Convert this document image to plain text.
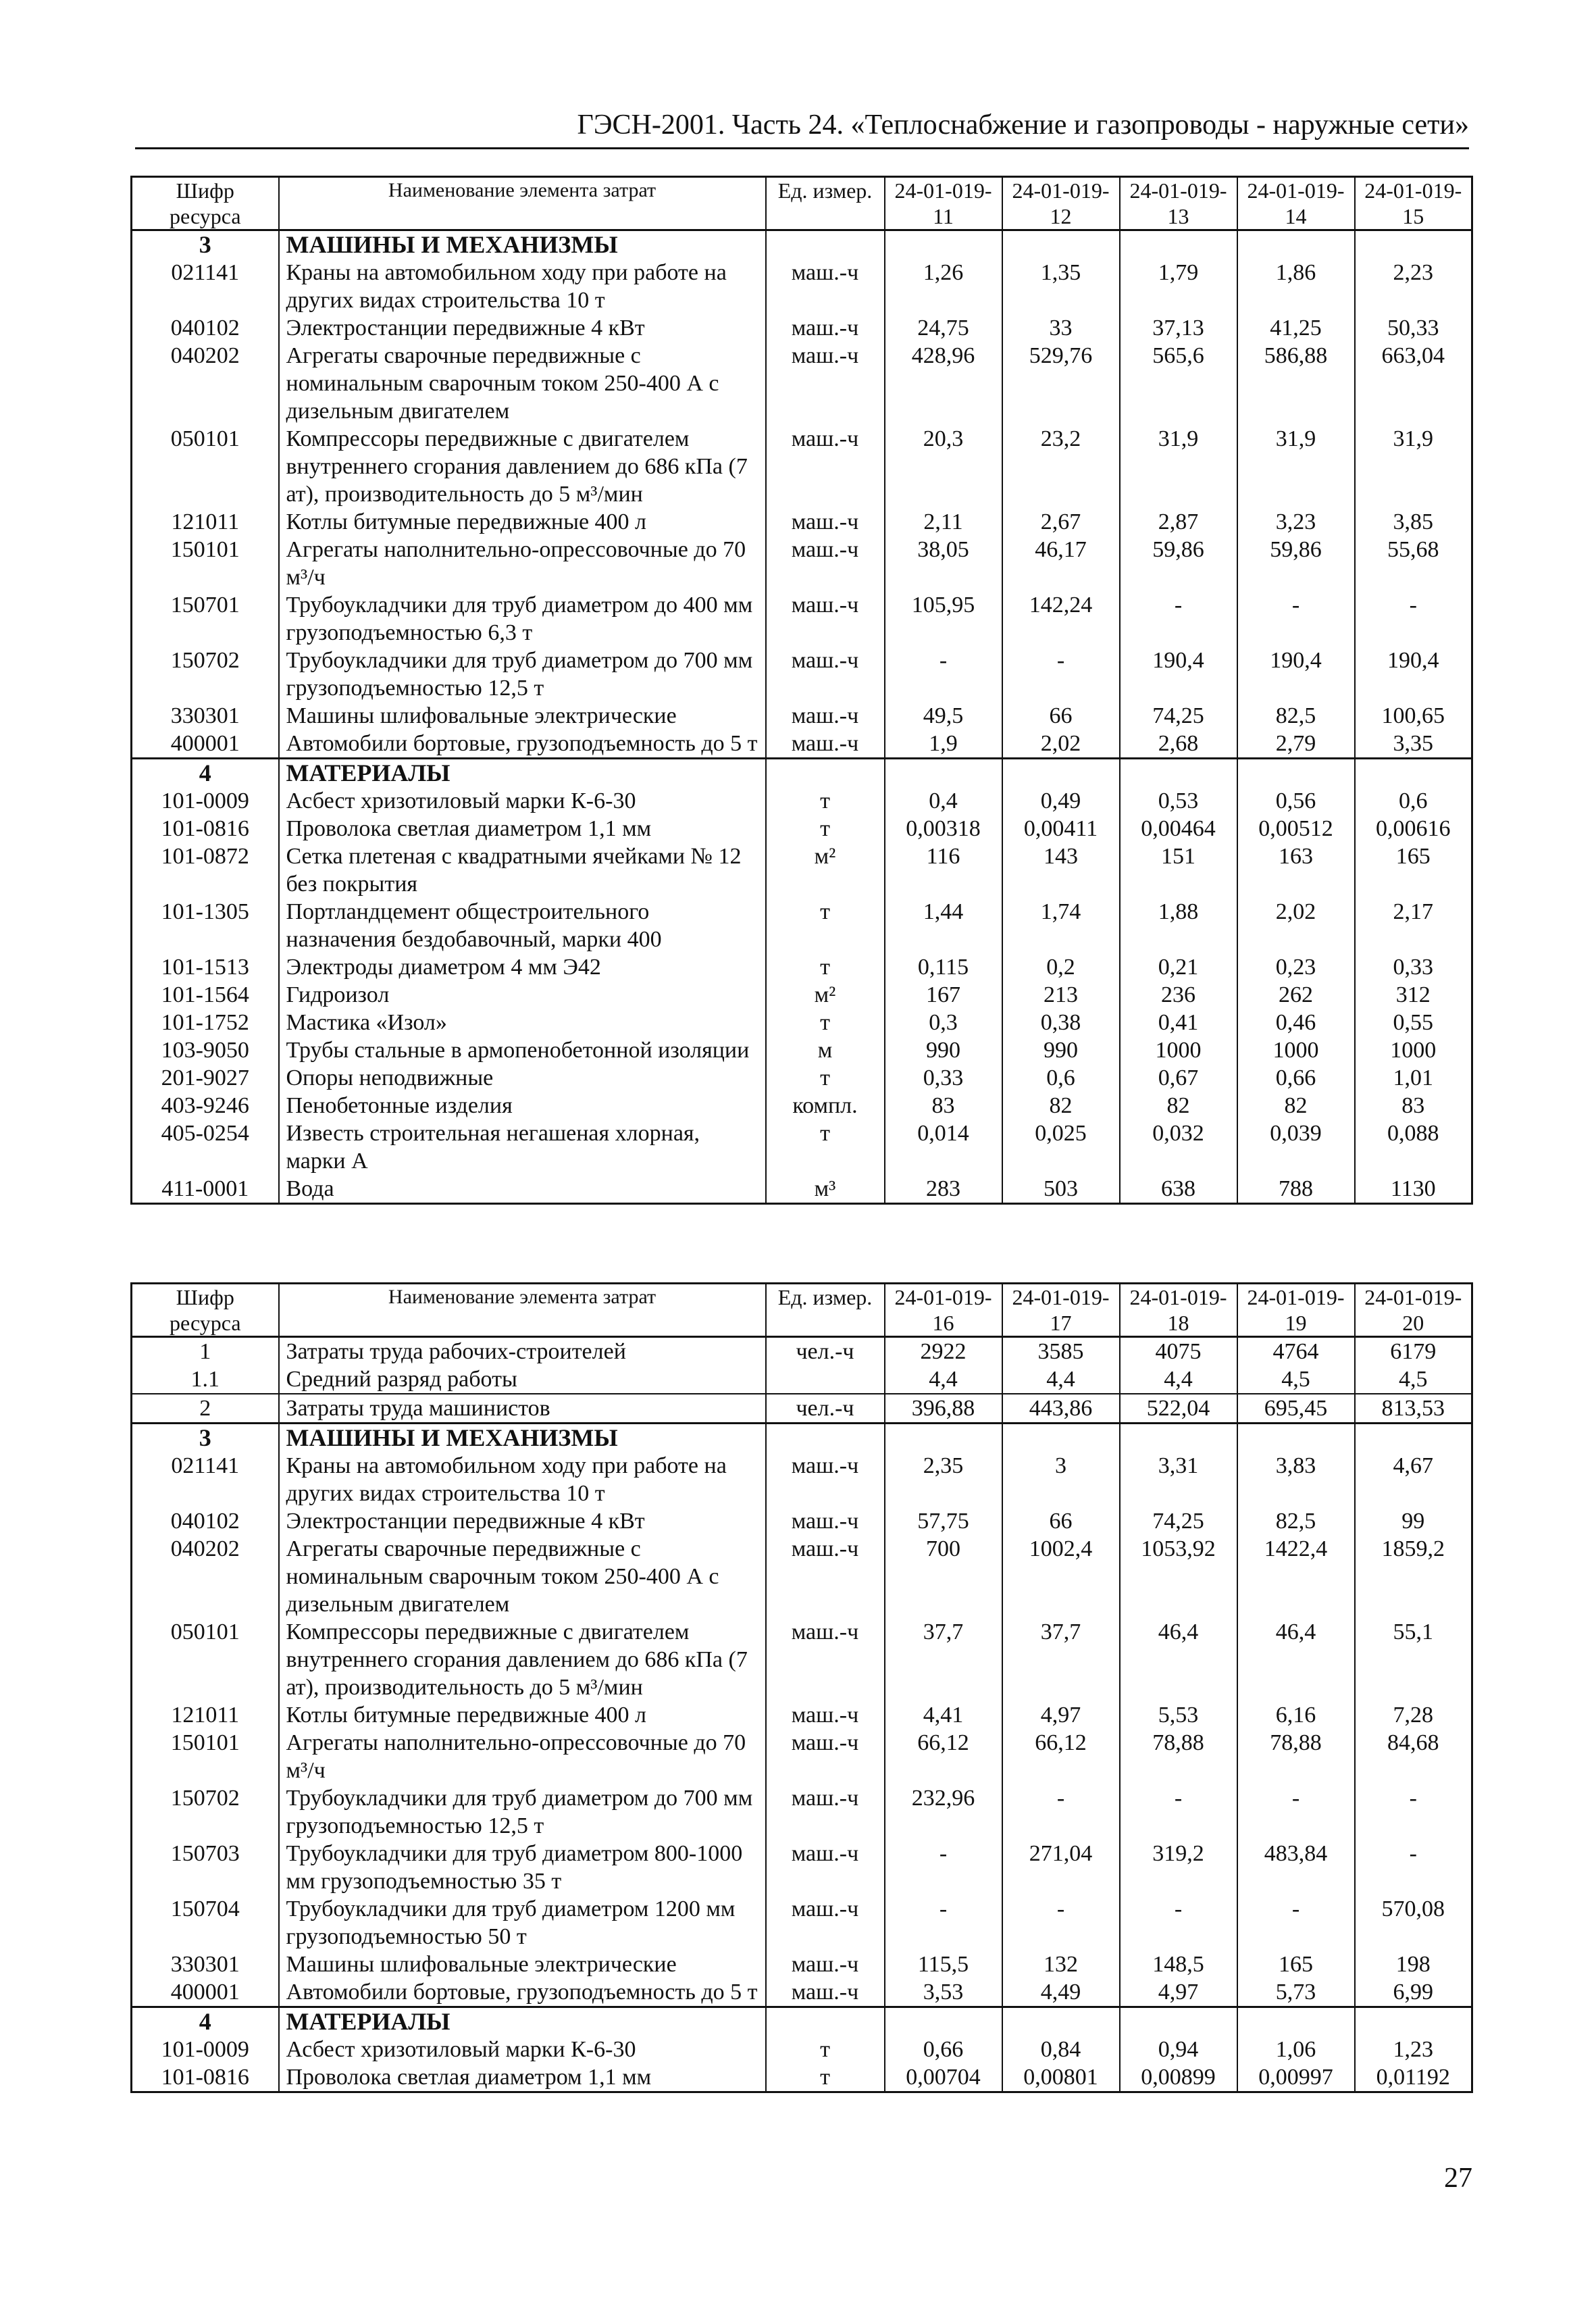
ГЭСН-2001. Часть 24. «Теплоснабжение и газопроводы - наружные сети»
Шифр ресурса	Наименование элемента затрат	Ед. измер.	24-01-019-11	24-01-019-12	24-01-019-13	24-01-019-14	24-01-019-15
3	МАШИНЫ И МЕХАНИЗМЫ						
021141	Краны на автомобильном ходу при работе на других видах строительства 10 т	маш.-ч	1,26	1,35	1,79	1,86	2,23
040102	Электростанции передвижные 4 кВт	маш.-ч	24,75	33	37,13	41,25	50,33
040202	Агрегаты сварочные передвижные с номинальным сварочным током 250-400 А с дизельным двигателем	маш.-ч	428,96	529,76	565,6	586,88	663,04
050101	Компрессоры передвижные с двигателем внутреннего сгорания давлением до 686 кПа (7 ат), производительность до 5 м³/мин	маш.-ч	20,3	23,2	31,9	31,9	31,9
121011	Котлы битумные передвижные 400 л	маш.-ч	2,11	2,67	2,87	3,23	3,85
150101	Агрегаты наполнительно-опрессовочные до 70 м³/ч	маш.-ч	38,05	46,17	59,86	59,86	55,68
150701	Трубоукладчики для труб диаметром до 400 мм грузоподъемностью 6,3 т	маш.-ч	105,95	142,24	-	-	-
150702	Трубоукладчики для труб диаметром до 700 мм грузоподъемностью 12,5 т	маш.-ч	-	-	190,4	190,4	190,4
330301	Машины шлифовальные электрические	маш.-ч	49,5	66	74,25	82,5	100,65
400001	Автомобили бортовые, грузоподъемность до 5 т	маш.-ч	1,9	2,02	2,68	2,79	3,35
4	МАТЕРИАЛЫ						
101-0009	Асбест хризотиловый марки К-6-30	т	0,4	0,49	0,53	0,56	0,6
101-0816	Проволока светлая диаметром 1,1 мм	т	0,00318	0,00411	0,00464	0,00512	0,00616
101-0872	Сетка плетеная с квадратными ячейками № 12 без покрытия	м²	116	143	151	163	165
101-1305	Портландцемент общестроительного назначения бездобавочный, марки 400	т	1,44	1,74	1,88	2,02	2,17
101-1513	Электроды диаметром 4 мм Э42	т	0,115	0,2	0,21	0,23	0,33
101-1564	Гидроизол	м²	167	213	236	262	312
101-1752	Мастика «Изол»	т	0,3	0,38	0,41	0,46	0,55
103-9050	Трубы стальные в армопенобетонной изоляции	м	990	990	1000	1000	1000
201-9027	Опоры неподвижные	т	0,33	0,6	0,67	0,66	1,01
403-9246	Пенобетонные изделия	компл.	83	82	82	82	83
405-0254	Известь строительная негашеная хлорная, марки А	т	0,014	0,025	0,032	0,039	0,088
411-0001	Вода	м³	283	503	638	788	1130
Шифр ресурса	Наименование элемента затрат	Ед. измер.	24-01-019-16	24-01-019-17	24-01-019-18	24-01-019-19	24-01-019-20
1	Затраты труда рабочих-строителей	чел.-ч	2922	3585	4075	4764	6179
1.1	Средний разряд работы		4,4	4,4	4,4	4,5	4,5
2	Затраты труда машинистов	чел.-ч	396,88	443,86	522,04	695,45	813,53
3	МАШИНЫ И МЕХАНИЗМЫ						
021141	Краны на автомобильном ходу при работе на других видах строительства 10 т	маш.-ч	2,35	3	3,31	3,83	4,67
040102	Электростанции передвижные 4 кВт	маш.-ч	57,75	66	74,25	82,5	99
040202	Агрегаты сварочные передвижные с номинальным сварочным током 250-400 А с дизельным двигателем	маш.-ч	700	1002,4	1053,92	1422,4	1859,2
050101	Компрессоры передвижные с двигателем внутреннего сгорания давлением до 686 кПа (7 ат), производительность до 5 м³/мин	маш.-ч	37,7	37,7	46,4	46,4	55,1
121011	Котлы битумные передвижные 400 л	маш.-ч	4,41	4,97	5,53	6,16	7,28
150101	Агрегаты наполнительно-опрессовочные до 70 м³/ч	маш.-ч	66,12	66,12	78,88	78,88	84,68
150702	Трубоукладчики для труб диаметром до 700 мм грузоподъемностью 12,5 т	маш.-ч	232,96	-	-	-	-
150703	Трубоукладчики для труб диаметром 800-1000 мм грузоподъемностью 35 т	маш.-ч	-	271,04	319,2	483,84	-
150704	Трубоукладчики для труб диаметром 1200 мм грузоподъемностью 50 т	маш.-ч	-	-	-	-	570,08
330301	Машины шлифовальные электрические	маш.-ч	115,5	132	148,5	165	198
400001	Автомобили бортовые, грузоподъемность до 5 т	маш.-ч	3,53	4,49	4,97	5,73	6,99
4	МАТЕРИАЛЫ						
101-0009	Асбест хризотиловый марки К-6-30	т	0,66	0,84	0,94	1,06	1,23
101-0816	Проволока светлая диаметром 1,1 мм	т	0,00704	0,00801	0,00899	0,00997	0,01192
27
